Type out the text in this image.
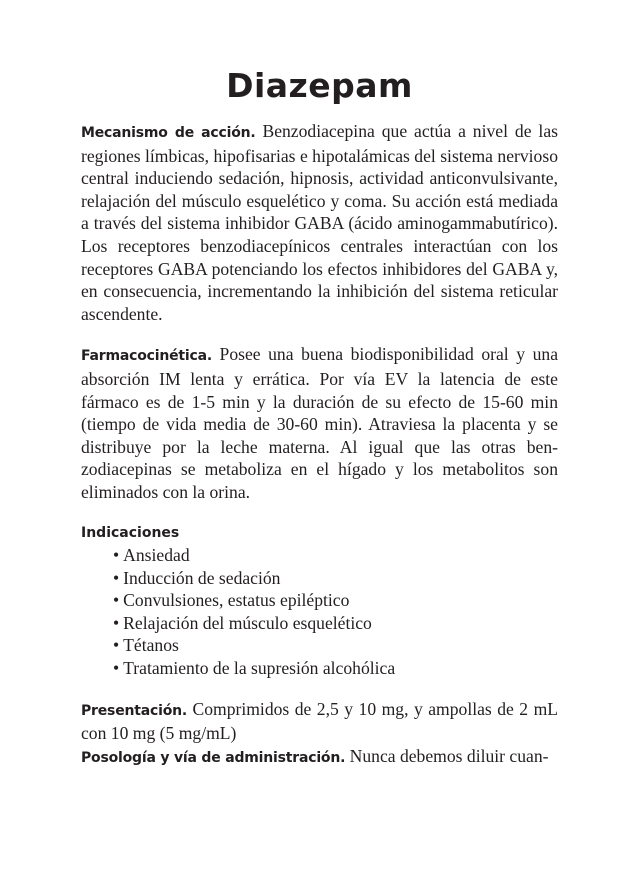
Diazepam

Mecanismo de acción. Benzodiacepina que actúa a nivel de las regiones límbicas, hipofisarias e hipotalámicas del sistema nervioso central induciendo sedación, hipnosis, actividad anticonvulsivante, relajación del músculo esquelético y coma. Su acción está mediada a través del sistema inhibidor GABA (ácido aminogammabutírico). Los receptores benzodiacepínicos centrales interactúan con los receptores GABA potenciando los efectos inhibidores del GABA y, en consecuencia, incrementando la inhibición del sistema reticular ascendente.

Farmacocinética. Posee una buena biodisponibilidad oral y una absorción IM lenta y errática. Por vía EV la latencia de este fármaco es de 1-5 min y la duración de su efecto de 15-60 min (tiempo de vida media de 30-60 min). Atraviesa la placenta y se distribuye por la leche materna. Al igual que las otras benzodiacepinas se metaboliza en el hígado y los metabolitos son eliminados con la orina.

Indicaciones

• Ansiedad
• Inducción de sedación
• Convulsiones, estatus epiléptico
• Relajación del músculo esquelético
• Tétanos
• Tratamiento de la supresión alcohólica

Presentación. Comprimidos de 2,5 y 10 mg, y ampollas de 2 mL con 10 mg (5 mg/mL)

Posología y vía de administración. Nunca debemos diluir cuan-
